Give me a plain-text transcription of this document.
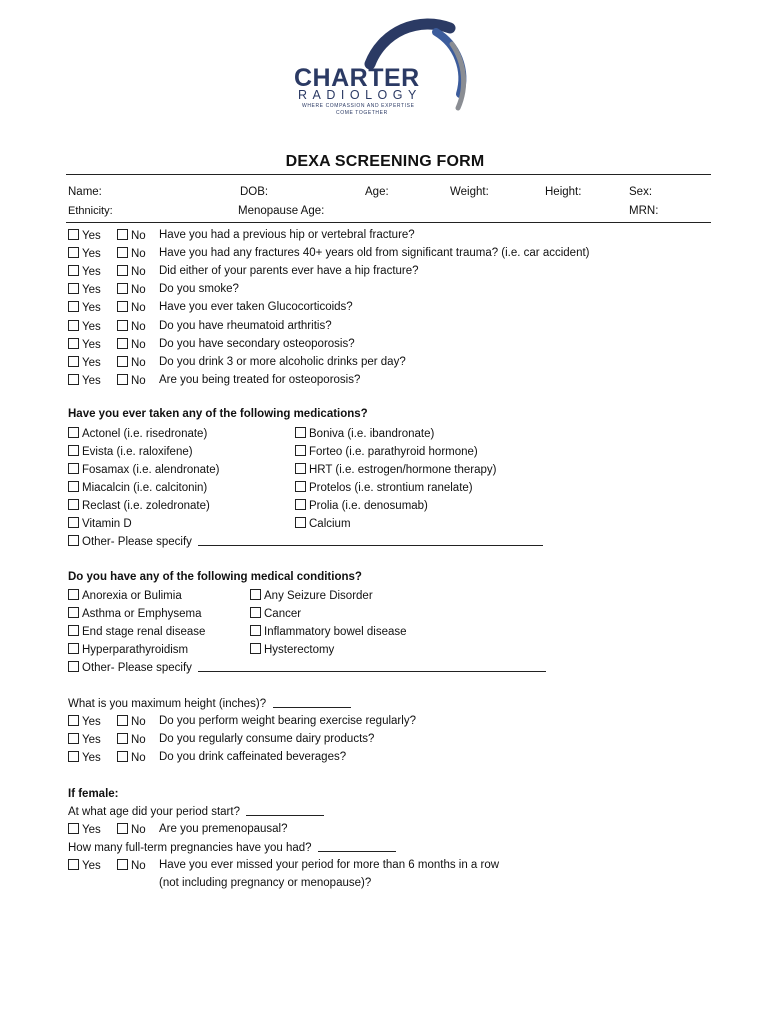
CHARTER
RADIOLOGY
WHERE COMPASSION AND EXPERTISE
COME TOGETHER
DEXA SCREENING FORM
Name:	DOB:	Age:	Weight:	Height:	Sex:
Ethnicity:	Menopause Age:	MRN:
Yes	No Have you had a previous hip or vertebral fracture?
Yes	No Have you had any fractures 40+ years old from significant trauma? (i.e. car accident)
Yes	No Did either of your parents ever have a hip fracture?
Yes	No Do you smoke?
Yes	No Have you ever taken Glucocorticoids?
Yes	No Do you have rheumatoid arthritis?
Yes	No Do you have secondary osteoporosis?
Yes	No Do you drink 3 or more alcoholic drinks per day?
Yes	No Are you being treated for osteoporosis?
Have you ever taken any of the following medications?
Actonel (i.e. risedronate)
Evista (i.e. raloxifene)
Fosamax (i.e. alendronate)
Miacalcin (i.e. calcitonin)
Reclast (i.e. zoledronate)
Vitamin D
Boniva (i.e. ibandronate)
Forteo (i.e. parathyroid hormone)
HRT (i.e. estrogen/hormone therapy)
Protelos (i.e. strontium ranelate)
Prolia (i.e. denosumab)
Calcium
Other- Please specify
Do you have any of the following medical conditions?
Anorexia or Bulimia
Asthma or Emphysema
End stage renal disease
Hyperparathyroidism
Any Seizure Disorder
Cancer
Inflammatory bowel disease
Hysterectomy
Other- Please specify
What is you maximum height (inches)?
Yes	No Do you perform weight bearing exercise regularly?
Yes	No Do you regularly consume dairy products?
Yes	No Do you drink caffeinated beverages?
If female:
At what age did your period start?
Yes	No Are you premenopausal?
How many full-term pregnancies have you had?
Yes	No Have you ever missed your period for more than 6 months in a row
(not including pregnancy or menopause)?
